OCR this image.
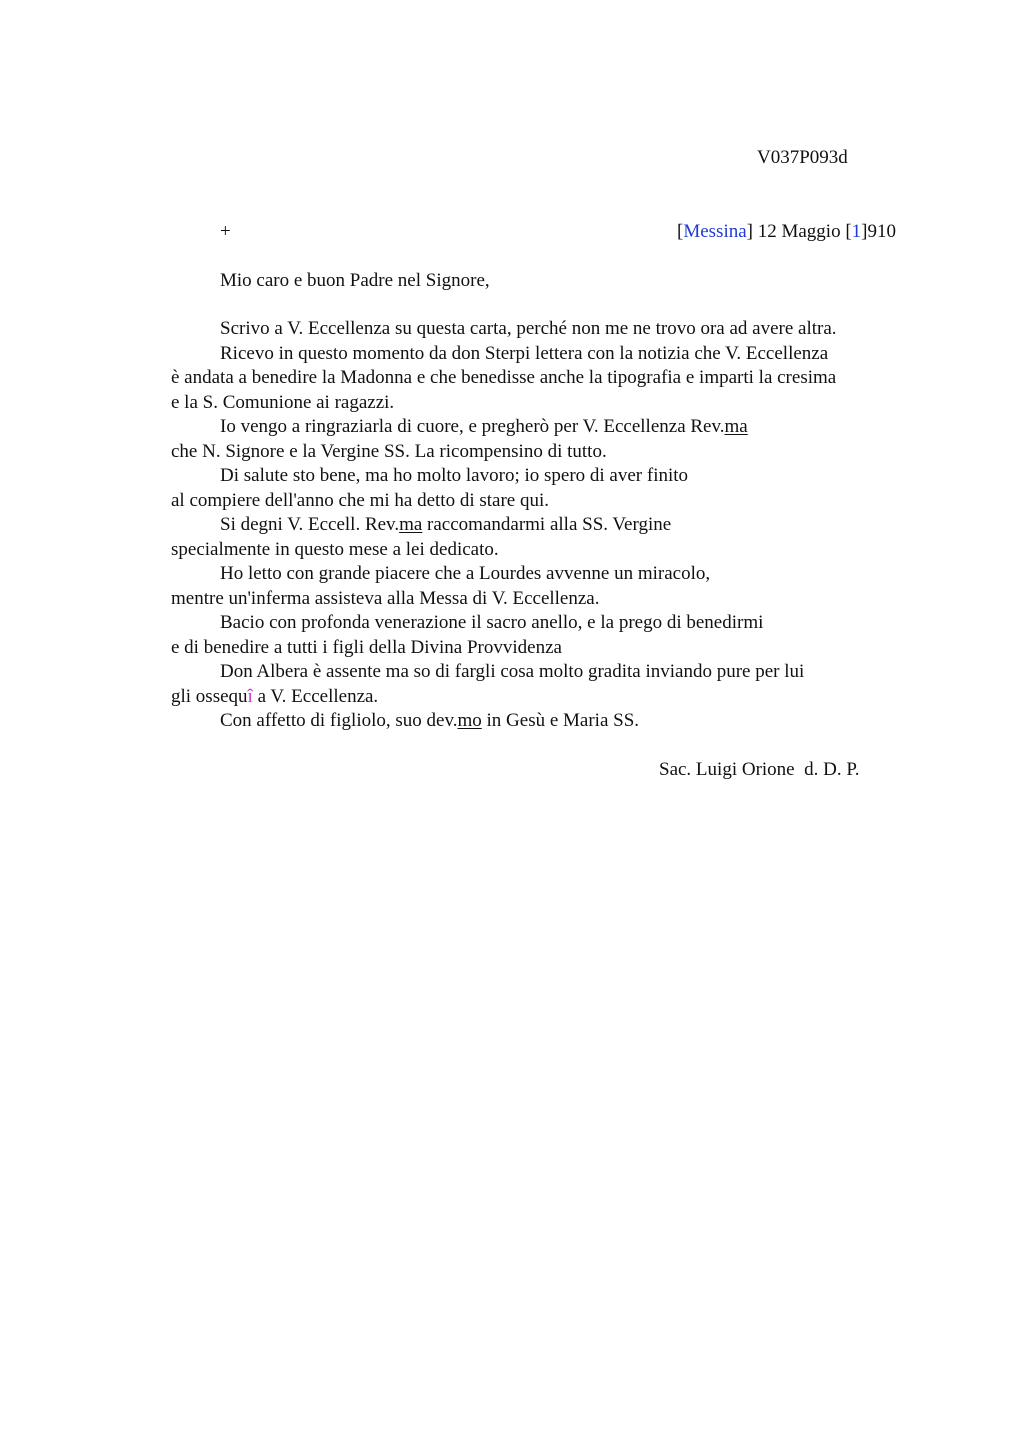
V037P093d
+	[Messina] 12 Maggio [1]910
Mio caro e buon Padre nel Signore,
Scrivo a V. Eccellenza su questa carta, perché non me ne trovo ora ad avere altra.
Ricevo in questo momento da don Sterpi lettera con la notizia che V. Eccellenza
è andata a benedire la Madonna e che benedisse anche la tipografia e imparti la cresima
e la S. Comunione ai ragazzi.
Io vengo a ringraziarla di cuore, e pregherò per V. Eccellenza Rev.ma
che N. Signore e la Vergine SS. La ricompensino di tutto.
Di salute sto bene, ma ho molto lavoro; io spero di aver finito
al compiere dell'anno che mi ha detto di stare qui.
Si degni V. Eccell. Rev.ma raccomandarmi alla SS. Vergine
specialmente in questo mese a lei dedicato.
Ho letto con grande piacere che a Lourdes avvenne un miracolo,
mentre un'inferma assisteva alla Messa di V. Eccellenza.
Bacio con profonda venerazione il sacro anello, e la prego di benedirmi
e di benedire a tutti i figli della Divina Provvidenza
Don Albera è assente ma so di fargli cosa molto gradita inviando pure per lui
gli ossequî a V. Eccellenza.
Con affetto di figliolo, suo dev.mo in Gesù e Maria SS.
Sac. Luigi Orione  d. D. P.
